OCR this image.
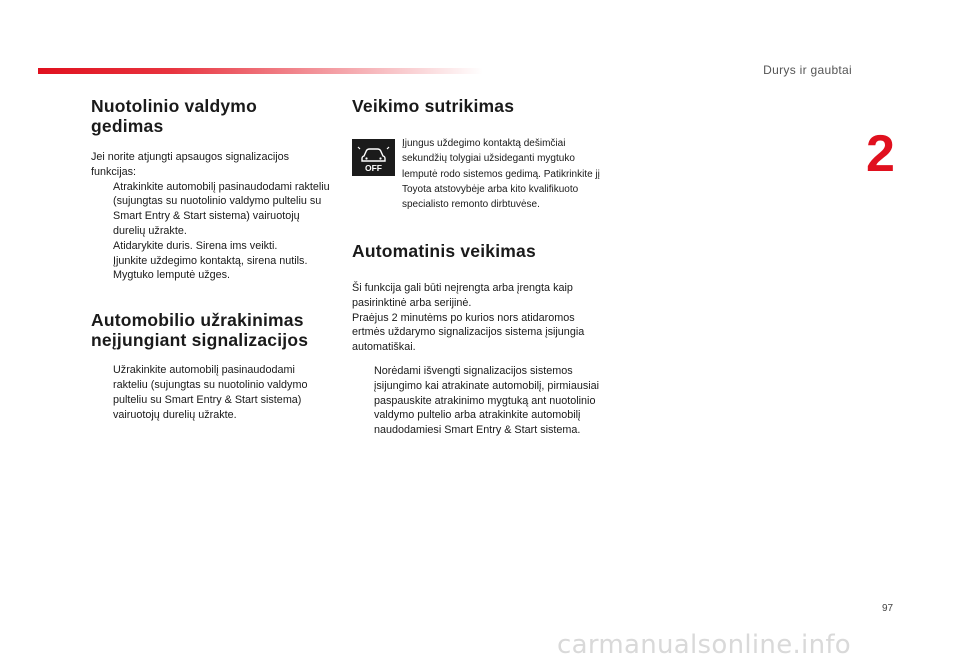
Durys ir gaubtai
2
Nuotolinio valdymo gedimas

Jei norite atjungti apsaugos signalizacijos funkcijas:

Atrakinkite automobilį pasinaudodami rakteliu (sujungtas su nuotolinio valdymo pulteliu su Smart Entry & Start sistema) vairuotojų durelių užrakte.
Atidarykite duris. Sirena ims veikti.
Įjunkite uždegimo kontaktą, sirena nutils. Mygtuko lemputė užges.
Automobilio užrakinimas
neįjungiant signalizacijos
Užrakinkite automobilį pasinaudodami rakteliu (sujungtas su nuotolinio valdymo pulteliu su Smart Entry & Start sistema) vairuotojų durelių užrakte.
Veikimo sutrikimas
OFF
Įjungus uždegimo kontaktą dešimčiai sekundžių tolygiai užsideganti mygtuko lemputė rodo sistemos gedimą. Patikrinkite jį Toyota atstovybėje arba kito kvalifikuoto specialisto remonto dirbtuvėse.
Automatinis veikimas

Ši funkcija gali būti neįrengta arba įrengta kaip pasirinktinė arba serijinė.

Praėjus 2 minutėms po kurios nors atidaromos ertmės uždarymo signalizacijos sistema įsijungia automatiškai.

Norėdami išvengti signalizacijos sistemos įsijungimo kai atrakinate automobilį, pirmiausiai paspauskite atrakinimo mygtuką ant nuotolinio valdymo pultelio arba atrakinkite automobilį naudodamiesi Smart Entry & Start sistema.
97
carmanualsonline.info
